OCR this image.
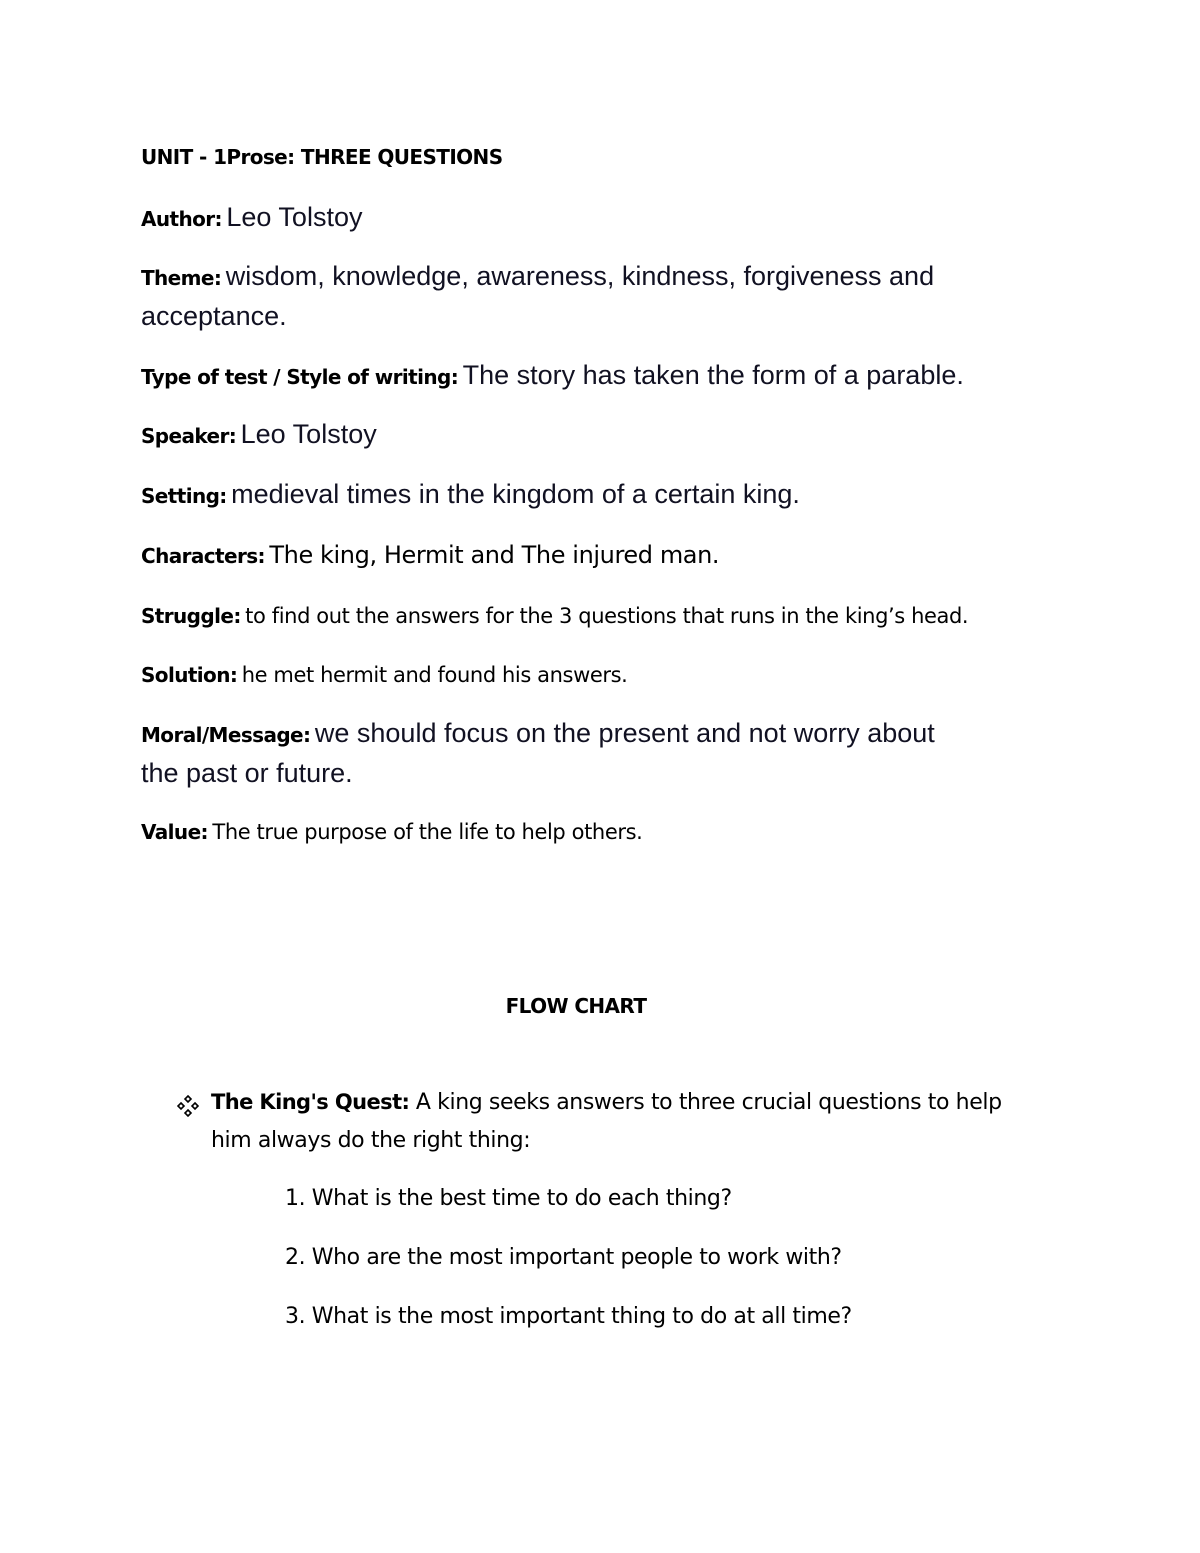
UNIT - 1Prose: THREE QUESTIONS
Author: Leo Tolstoy
Theme: wisdom, knowledge, awareness, kindness, forgiveness and
acceptance.
Type of test / Style of writing: The story has taken the form of a parable.
Speaker: Leo Tolstoy
Setting: medieval times in the kingdom of a certain king.
Characters: The king, Hermit and The injured man.
Struggle: to find out the answers for the 3 questions that runs in the king’s head.
Solution: he met hermit and found his answers.
Moral/Message: we should focus on the present and not worry about
the past or future.
Value: The true purpose of the life to help others.
FLOW CHART
The King's Quest: A king seeks answers to three crucial questions to help
him always do the right thing:
1. What is the best time to do each thing?
2. Who are the most important people to work with?
3. What is the most important thing to do at all time?
